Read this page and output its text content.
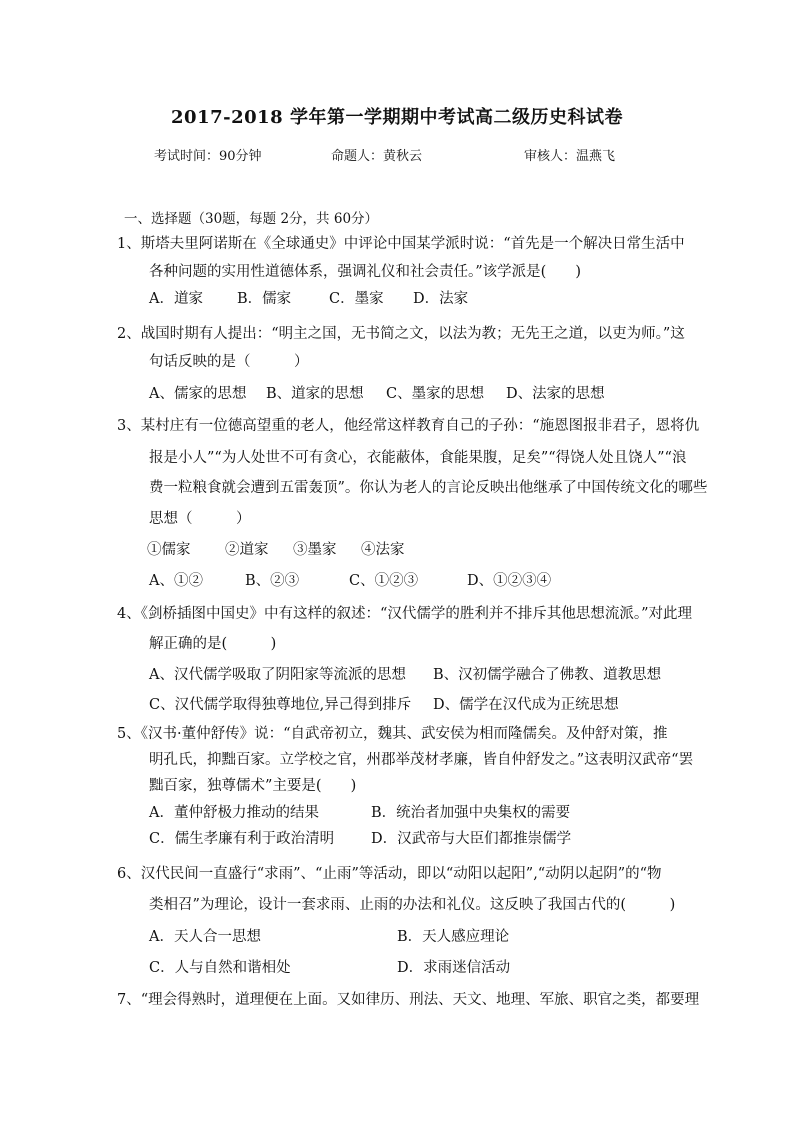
2017-2018 学年第一学期期中考试高二级历史科试卷
考试时间：90分钟	命题人：黄秋云	审核人：温燕飞
一、选择题（30题，每题 2分，共 60分）
1、斯塔夫里阿诺斯在《全球通史》中评论中国某学派时说：“首先是一个解决日常生活中
各种问题的实用性道德体系，强调礼仪和社会责任。”该学派是(　　)
A．道家 B．儒家	C．墨家 D．法家
2、战国时期有人提出：“明主之国，无书简之文，以法为教；无先王之道，以吏为师。”这
句话反映的是（　　　）
A、儒家的思想 B、道家的思想 C、墨家的思想 D、法家的思想
3、某村庄有一位德高望重的老人，他经常这样教育自己的子孙：“施恩图报非君子，恩将仇
报是小人”“为人处世不可有贪心，衣能蔽体，食能果腹，足矣”“得饶人处且饶人”“浪
费一粒粮食就会遭到五雷轰顶”。你认为老人的言论反映出他继承了中国传统文化的哪些
思想（　　　）
①儒家 ②道家 ③墨家 ④法家
A、①②	B、②③	C、①②③	D、①②③④
4、《剑桥插图中国史》中有这样的叙述：“汉代儒学的胜利并不排斥其他思想流派。”对此理
解正确的是(　　　)
A、汉代儒学吸取了阴阳家等流派的思想	B、汉初儒学融合了佛教、道教思想
C、汉代儒学取得独尊地位,异己得到排斥	D、儒学在汉代成为正统思想
5、《汉书·董仲舒传》说：“自武帝初立，魏其、武安侯为相而隆儒矣。及仲舒对策，推
明孔氏，抑黜百家。立学校之官，州郡举茂材孝廉，皆自仲舒发之。”这表明汉武帝“罢
黜百家，独尊儒术”主要是(　　)
A．董仲舒极力推动的结果	B．统治者加强中央集权的需要
C．儒生孝廉有利于政治清明	D．汉武帝与大臣们都推崇儒学
6、汉代民间一直盛行“求雨”、“止雨”等活动，即以“动阳以起阳”,“动阴以起阴”的“物
类相召”为理论，设计一套求雨、止雨的办法和礼仪。这反映了我国古代的(　　　)
A．天人合一思想	B．天人感应理论
C．人与自然和谐相处	D．求雨迷信活动
7、“理会得熟时，道理便在上面。又如律历、刑法、天文、地理、军旅、职官之类，都要理
